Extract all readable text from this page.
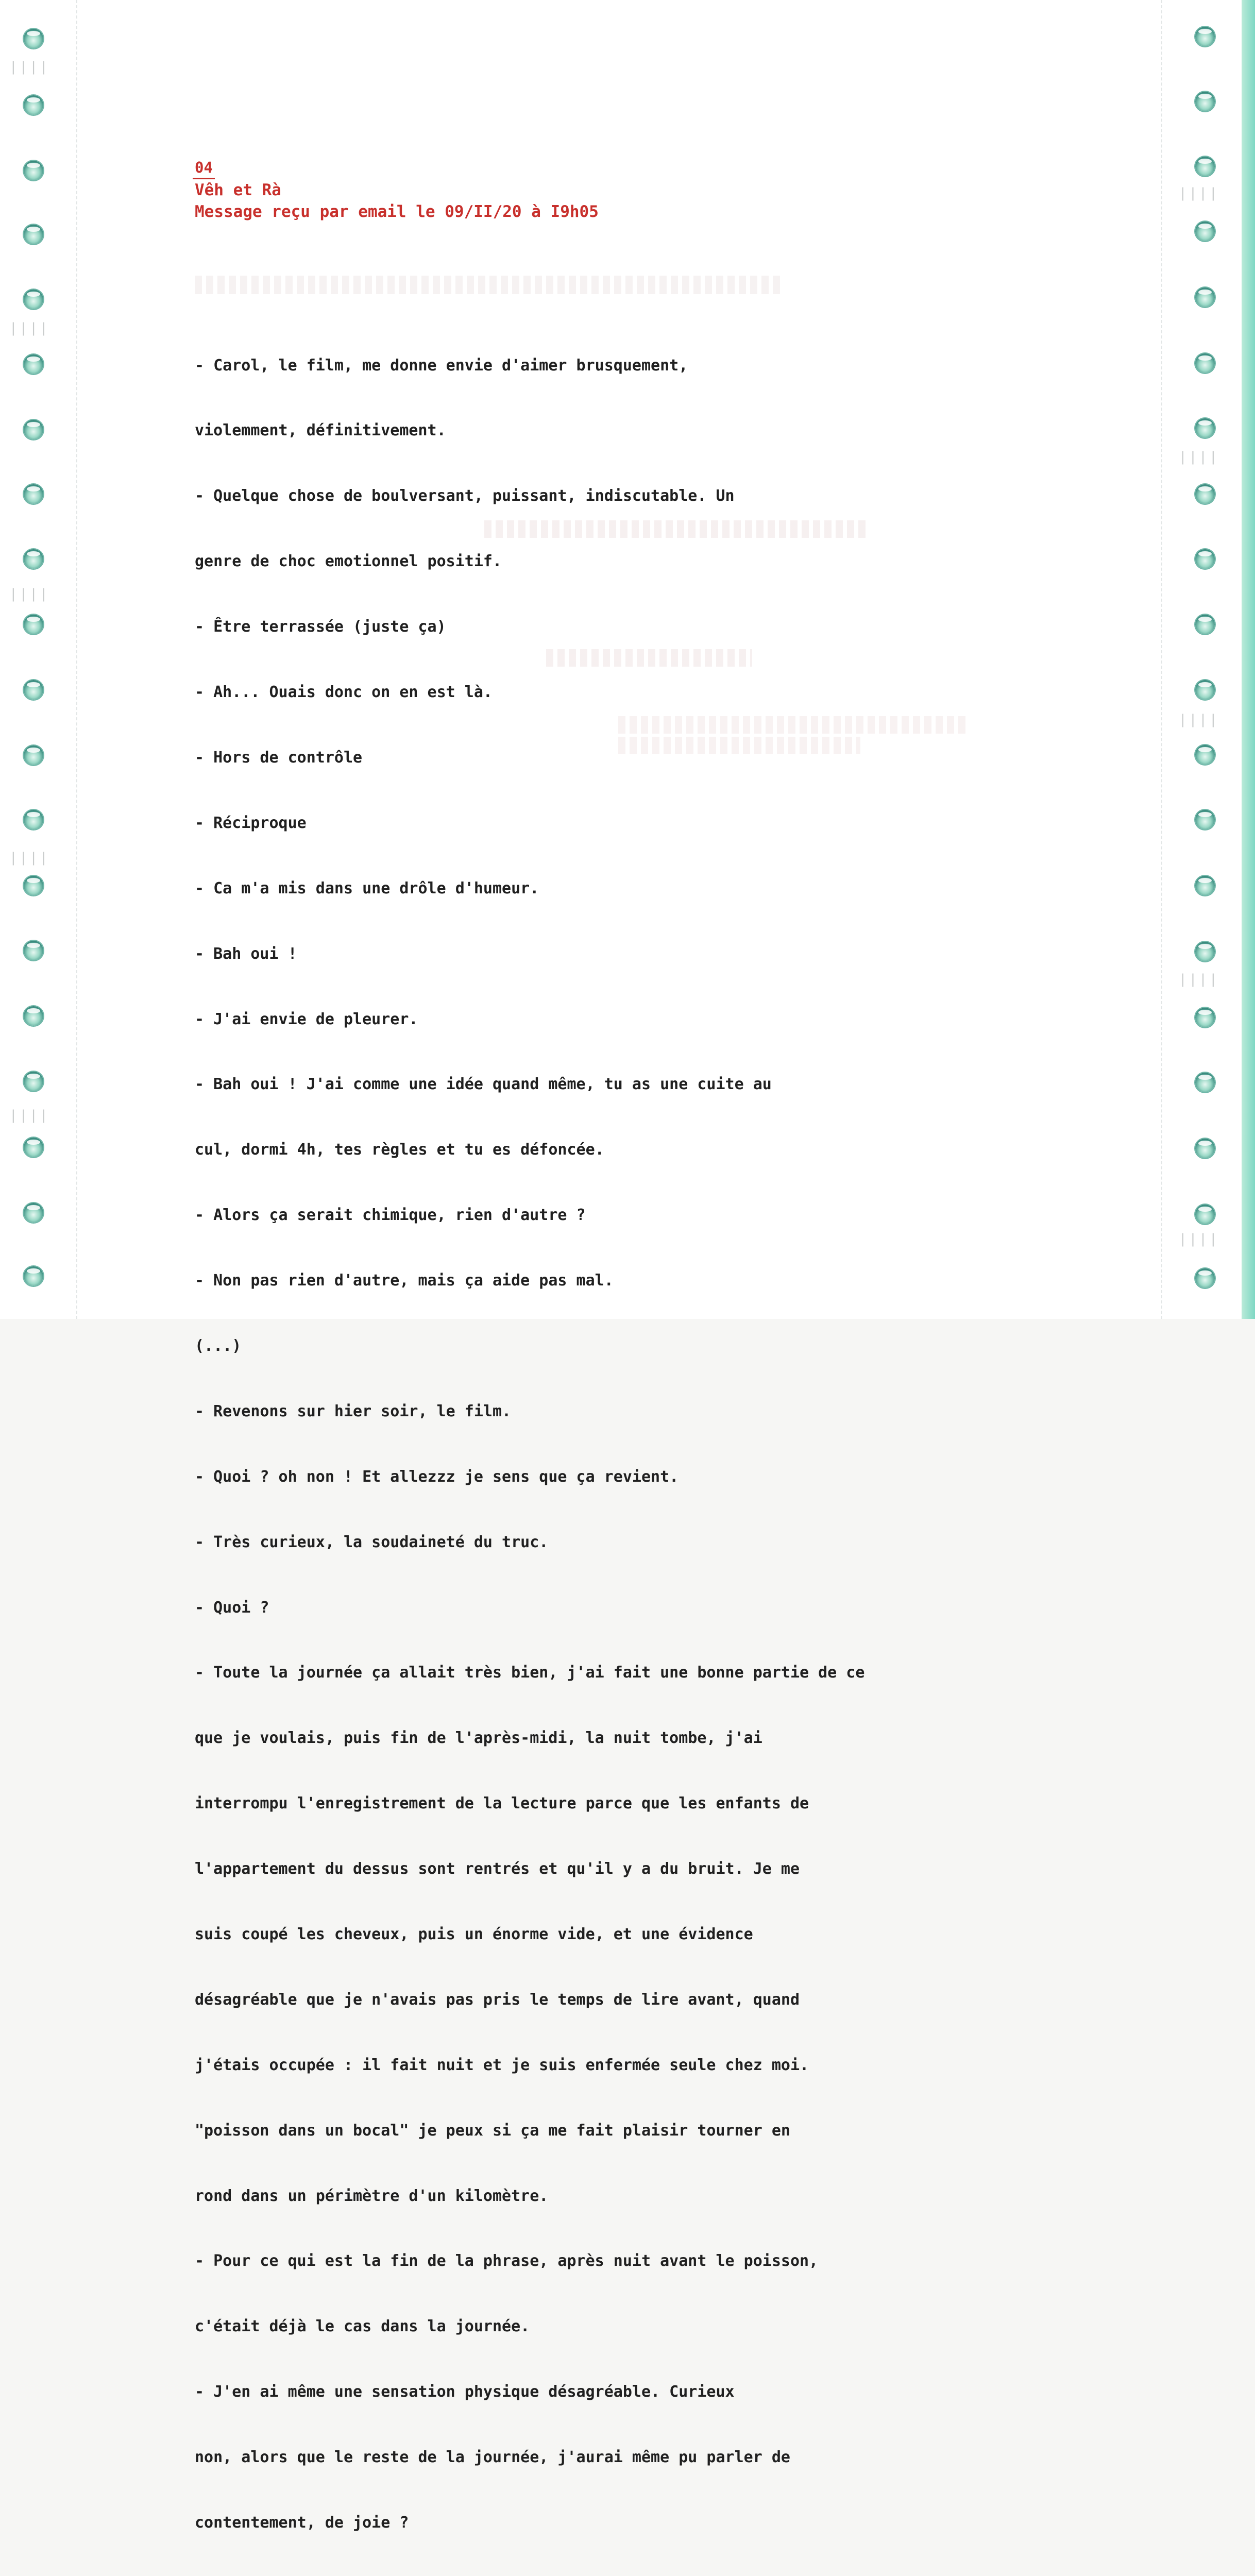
||||
||||
||||
||||
||||
||||
||||
||||
||||
||||
04
Vêh et Rà
Message reçu par email le 09/II/20 à I9h05

- Carol, le film, me donne envie d'aimer brusquement,

violemment, définitivement.

- Quelque chose de boulversant, puissant, indiscutable. Un

genre de choc emotionnel positif.

- Être terrassée (juste ça)

- Ah... Ouais donc on en est là.

- Hors de contrôle

- Réciproque

- Ca m'a mis dans une drôle d'humeur.

- Bah oui !

- J'ai envie de pleurer.

- Bah oui ! J'ai comme une idée quand même, tu as une cuite au

cul, dormi 4h, tes règles et tu es défoncée.

- Alors ça serait chimique, rien d'autre ?

- Non pas rien d'autre, mais ça aide pas mal.

(...)

- Revenons sur hier soir, le film.

- Quoi ? oh non ! Et allezzz je sens que ça revient.

- Très curieux, la soudaineté du truc.

- Quoi ?

- Toute la journée ça allait très bien, j'ai fait une bonne partie de ce

que je voulais, puis fin de l'après-midi, la nuit tombe, j'ai

interrompu l'enregistrement de la lecture parce que les enfants de

l'appartement du dessus sont rentrés et qu'il y a du bruit. Je me

suis coupé les cheveux, puis un énorme vide, et une évidence

désagréable que je n'avais pas pris le temps de lire avant, quand

j'étais occupée : il fait nuit et je suis enfermée seule chez moi.

"poisson dans un bocal" je peux si ça me fait plaisir tourner en

rond dans un périmètre d'un kilomètre.

- Pour ce qui est la fin de la phrase, après nuit avant le poisson,

c'était déjà le cas dans la journée.

- J'en ai même une sensation physique désagréable. Curieux

non, alors que le reste de la journée, j'aurai même pu parler de

contentement, de joie ?
